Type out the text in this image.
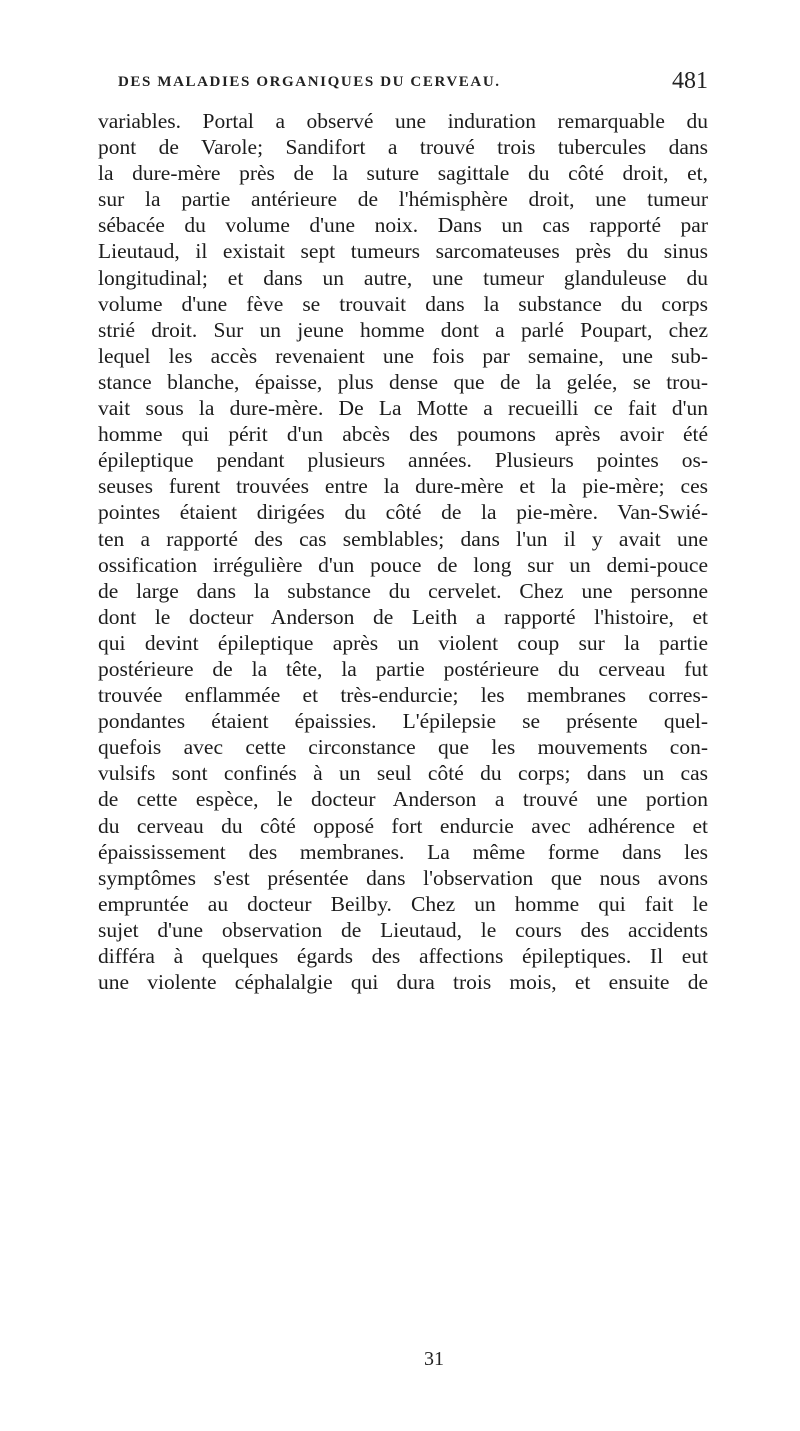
DES MALADIES ORGANIQUES DU CERVEAU.	481
variables. Portal a observé une induration remarquable du
pont de Varole; Sandifort a trouvé trois tubercules dans
la dure-mère près de la suture sagittale du côté droit, et,
sur la partie antérieure de l'hémisphère droit, une tumeur
sébacée du volume d'une noix. Dans un cas rapporté par
Lieutaud, il existait sept tumeurs sarcomateuses près du sinus
longitudinal; et dans un autre, une tumeur glanduleuse du
volume d'une fève se trouvait dans la substance du corps
strié droit. Sur un jeune homme dont a parlé Poupart, chez
lequel les accès revenaient une fois par semaine, une sub-
stance blanche, épaisse, plus dense que de la gelée, se trou-
vait sous la dure-mère. De La Motte a recueilli ce fait d'un
homme qui périt d'un abcès des poumons après avoir été
épileptique pendant plusieurs années. Plusieurs pointes os-
seuses furent trouvées entre la dure-mère et la pie-mère; ces
pointes étaient dirigées du côté de la pie-mère. Van-Swié-
ten a rapporté des cas semblables; dans l'un il y avait une
ossification irrégulière d'un pouce de long sur un demi-pouce
de large dans la substance du cervelet. Chez une personne
dont le docteur Anderson de Leith a rapporté l'histoire, et
qui devint épileptique après un violent coup sur la partie
postérieure de la tête, la partie postérieure du cerveau fut
trouvée enflammée et très-endurcie; les membranes corres-
pondantes étaient épaissies. L'épilepsie se présente quel-
quefois avec cette circonstance que les mouvements con-
vulsifs sont confinés à un seul côté du corps; dans un cas
de cette espèce, le docteur Anderson a trouvé une portion
du cerveau du côté opposé fort endurcie avec adhérence et
épaississement des membranes. La même forme dans les
symptômes s'est présentée dans l'observation que nous avons
empruntée au docteur Beilby. Chez un homme qui fait le
sujet d'une observation de Lieutaud, le cours des accidents
différa à quelques égards des affections épileptiques. Il eut
une violente céphalalgie qui dura trois mois, et ensuite de
31
